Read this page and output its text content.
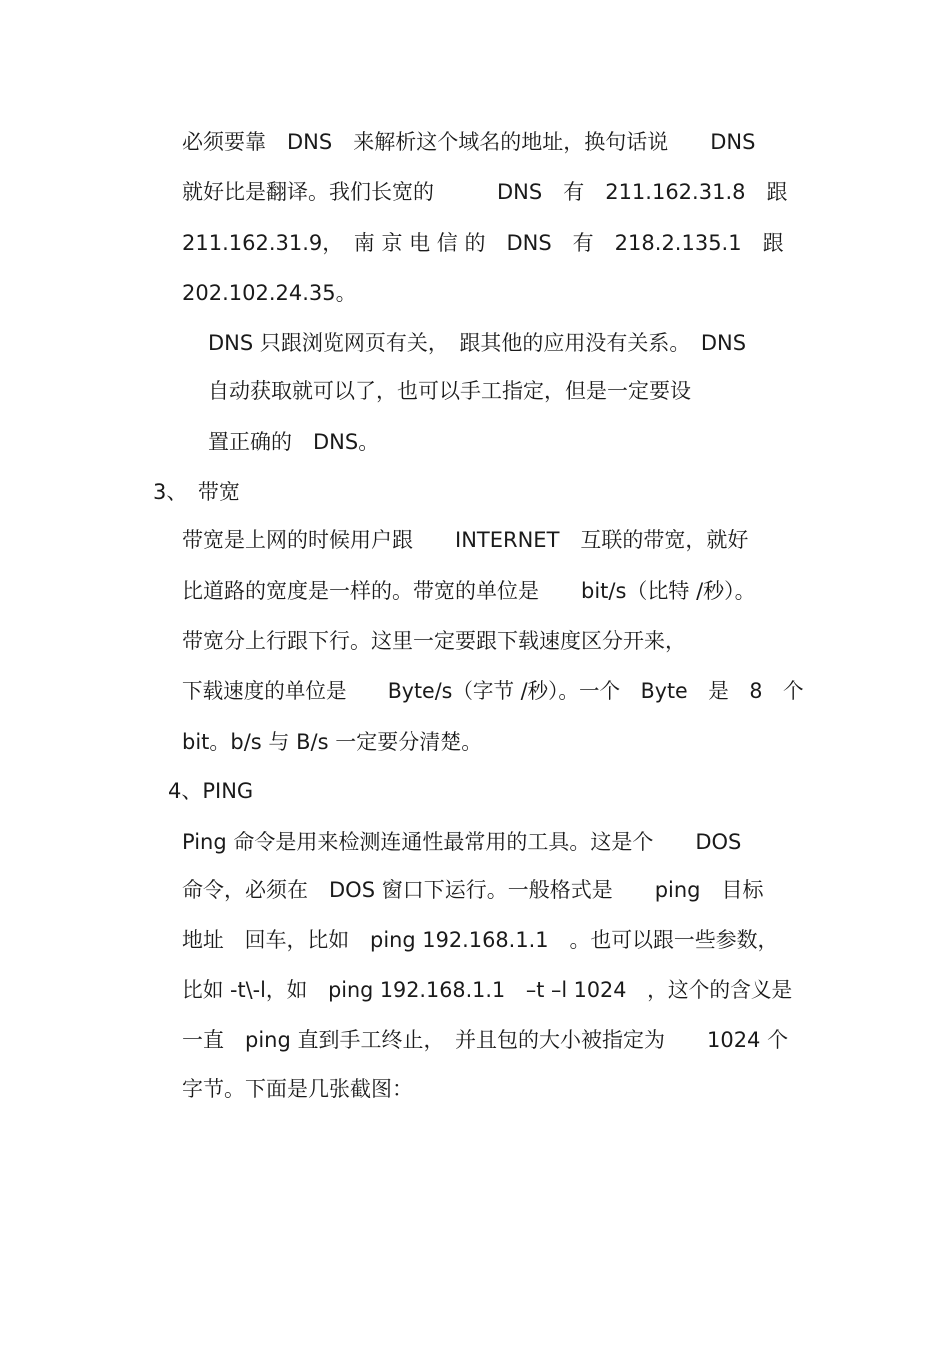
必须要靠　DNS　来解析这个域名的地址，换句话说　　DNS
就好比是翻译。我们长宽的　　　DNS　有　211.162.31.8　跟
211.162.31.9，　南 京 电 信 的　DNS　有　218.2.135.1　跟
202.102.24.35。
DNS 只跟浏览网页有关，　跟其他的应用没有关系。　DNS
自动获取就可以了，也可以手工指定，但是一定要设
置正确的　DNS。
3、　带宽
带宽是上网的时候用户跟　　INTERNET　互联的带宽，就好
比道路的宽度是一样的。带宽的单位是　　bit/s（比特 /秒）。
带宽分上行跟下行。这里一定要跟下载速度区分开来，
下载速度的单位是　　Byte/s（字节 /秒）。一个　Byte　是　8　个
bit。b/s 与 B/s 一定要分清楚。
4、PING
Ping 命令是用来检测连通性最常用的工具。这是个　　DOS
命令，必须在　DOS 窗口下运行。一般格式是　　ping　目标
地址　回车，比如　ping 192.168.1.1　。也可以跟一些参数，
比如 -t\-l，如　ping 192.168.1.1　–t –l 1024　，这个的含义是
一直　ping 直到手工终止，　并且包的大小被指定为　　1024 个
字节。下面是几张截图：
